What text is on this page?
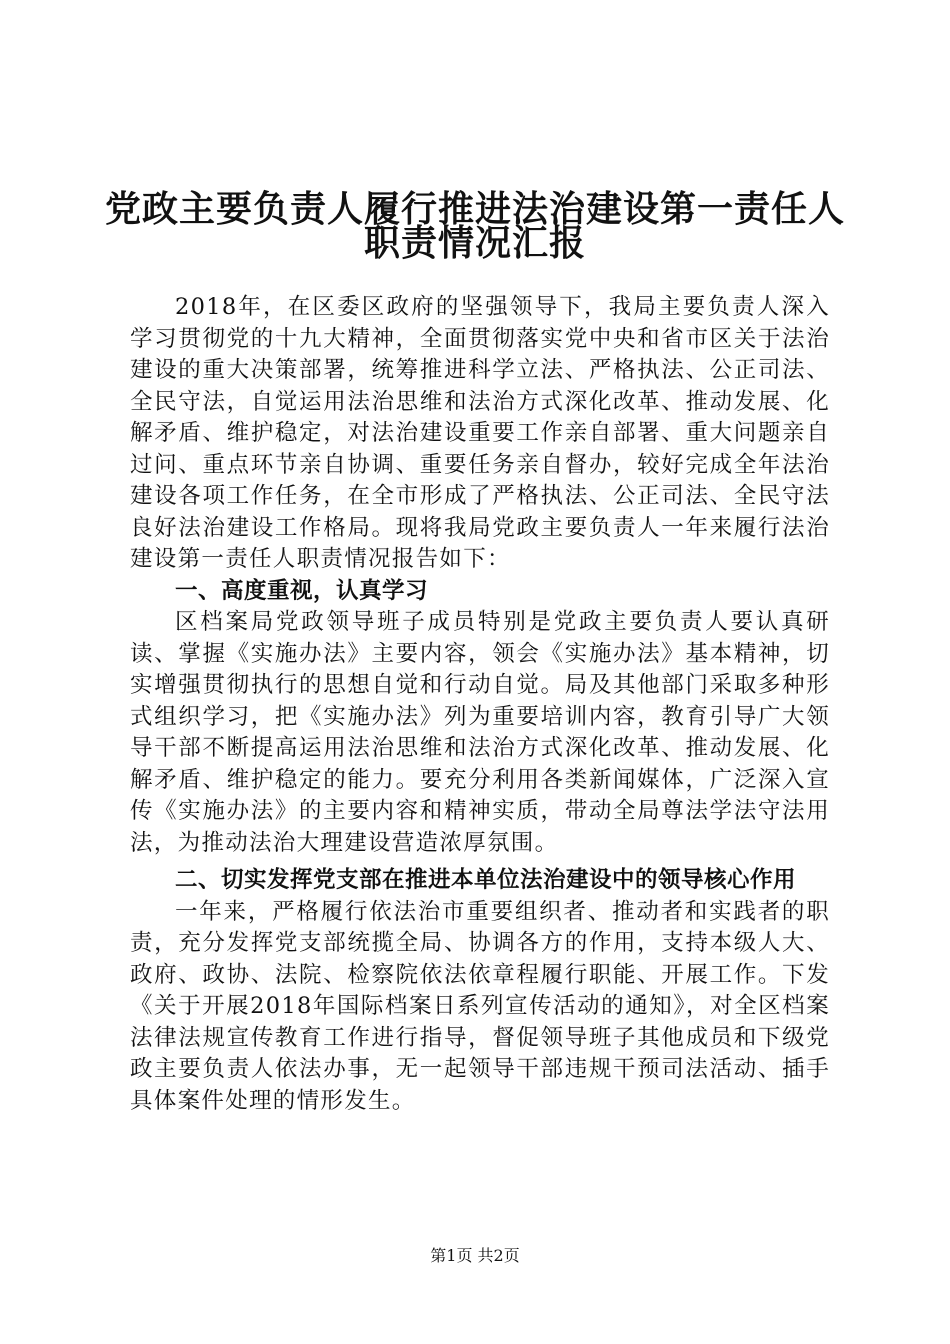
党政主要负责人履行推进法治建设第一责任人
职责情况汇报

2018年，在区委区政府的坚强领导下，我局主要负责人深入学习贯彻党的十九大精神，全面贯彻落实党中央和省市区关于法治建设的重大决策部署，统筹推进科学立法、严格执法、公正司法、全民守法，自觉运用法治思维和法治方式深化改革、推动发展、化解矛盾、维护稳定，对法治建设重要工作亲自部署、重大问题亲自过问、重点环节亲自协调、重要任务亲自督办，较好完成全年法治建设各项工作任务，在全市形成了严格执法、公正司法、全民守法良好法治建设工作格局。现将我局党政主要负责人一年来履行法治建设第一责任人职责情况报告如下：

一、高度重视，认真学习

区档案局党政领导班子成员特别是党政主要负责人要认真研读、掌握《实施办法》主要内容，领会《实施办法》基本精神，切实增强贯彻执行的思想自觉和行动自觉。局及其他部门采取多种形式组织学习，把《实施办法》列为重要培训内容，教育引导广大领导干部不断提高运用法治思维和法治方式深化改革、推动发展、化解矛盾、维护稳定的能力。要充分利用各类新闻媒体，广泛深入宣传《实施办法》的主要内容和精神实质，带动全局尊法学法守法用法，为推动法治大理建设营造浓厚氛围。

二、切实发挥党支部在推进本单位法治建设中的领导核心作用

一年来，严格履行依法治市重要组织者、推动者和实践者的职责，充分发挥党支部统揽全局、协调各方的作用，支持本级人大、政府、政协、法院、检察院依法依章程履行职能、开展工作。下发《关于开展2018年国际档案日系列宣传活动的通知》，对全区档案法律法规宣传教育工作进行指导，督促领导班子其他成员和下级党政主要负责人依法办事，无一起领导干部违规干预司法活动、插手具体案件处理的情形发生。

第1页 共2页
